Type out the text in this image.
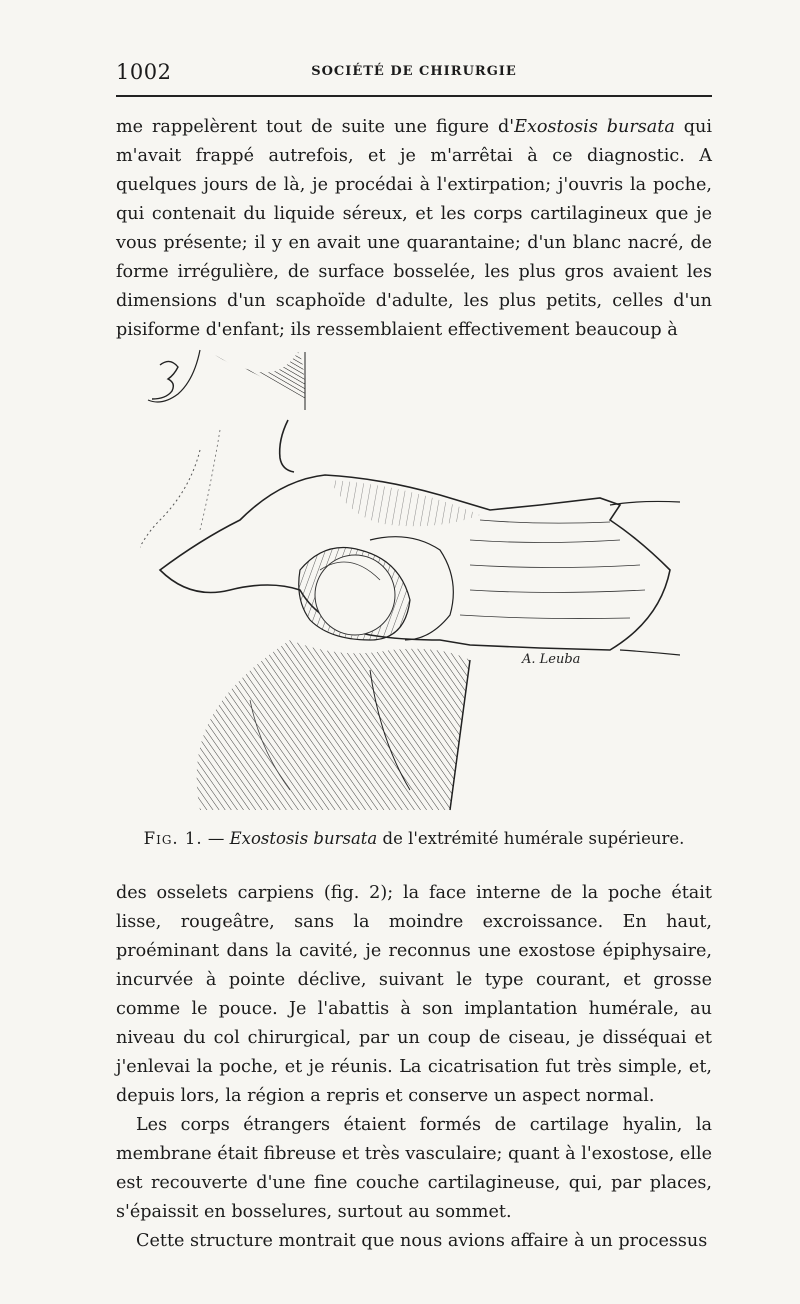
1002	SOCIÉTÉ DE CHIRURGIE

me rappelèrent tout de suite une figure d'Exostosis bursata qui m'avait frappé autrefois, et je m'arrêtai à ce diagnostic. A quelques jours de là, je procédai à l'extirpation; j'ouvris la poche, qui contenait du liquide séreux, et les corps cartilagineux que je vous présente; il y en avait une quarantaine; d'un blanc nacré, de forme irrégulière, de surface bosselée, les plus gros avaient les dimensions d'un scaphoïde d'adulte, les plus petits, celles d'un pisiforme d'enfant; ils ressemblaient effectivement beaucoup à

A. Leuba
Fig. 1. — Exostosis bursata de l'extrémité humérale supérieure.

des osselets carpiens (fig. 2); la face interne de la poche était lisse, rougeâtre, sans la moindre excroissance. En haut, proéminant dans la cavité, je reconnus une exostose épiphysaire, incurvée à pointe déclive, suivant le type courant, et grosse comme le pouce. Je l'abattis à son implantation humérale, au niveau du col chirurgical, par un coup de ciseau, je disséquai et j'enlevai la poche, et je réunis. La cicatrisation fut très simple, et, depuis lors, la région a repris et conserve un aspect normal.

Les corps étrangers étaient formés de cartilage hyalin, la membrane était fibreuse et très vasculaire; quant à l'exostose, elle est recouverte d'une fine couche cartilagineuse, qui, par places, s'épaissit en bosselures, surtout au sommet.

Cette structure montrait que nous avions affaire à un processus
